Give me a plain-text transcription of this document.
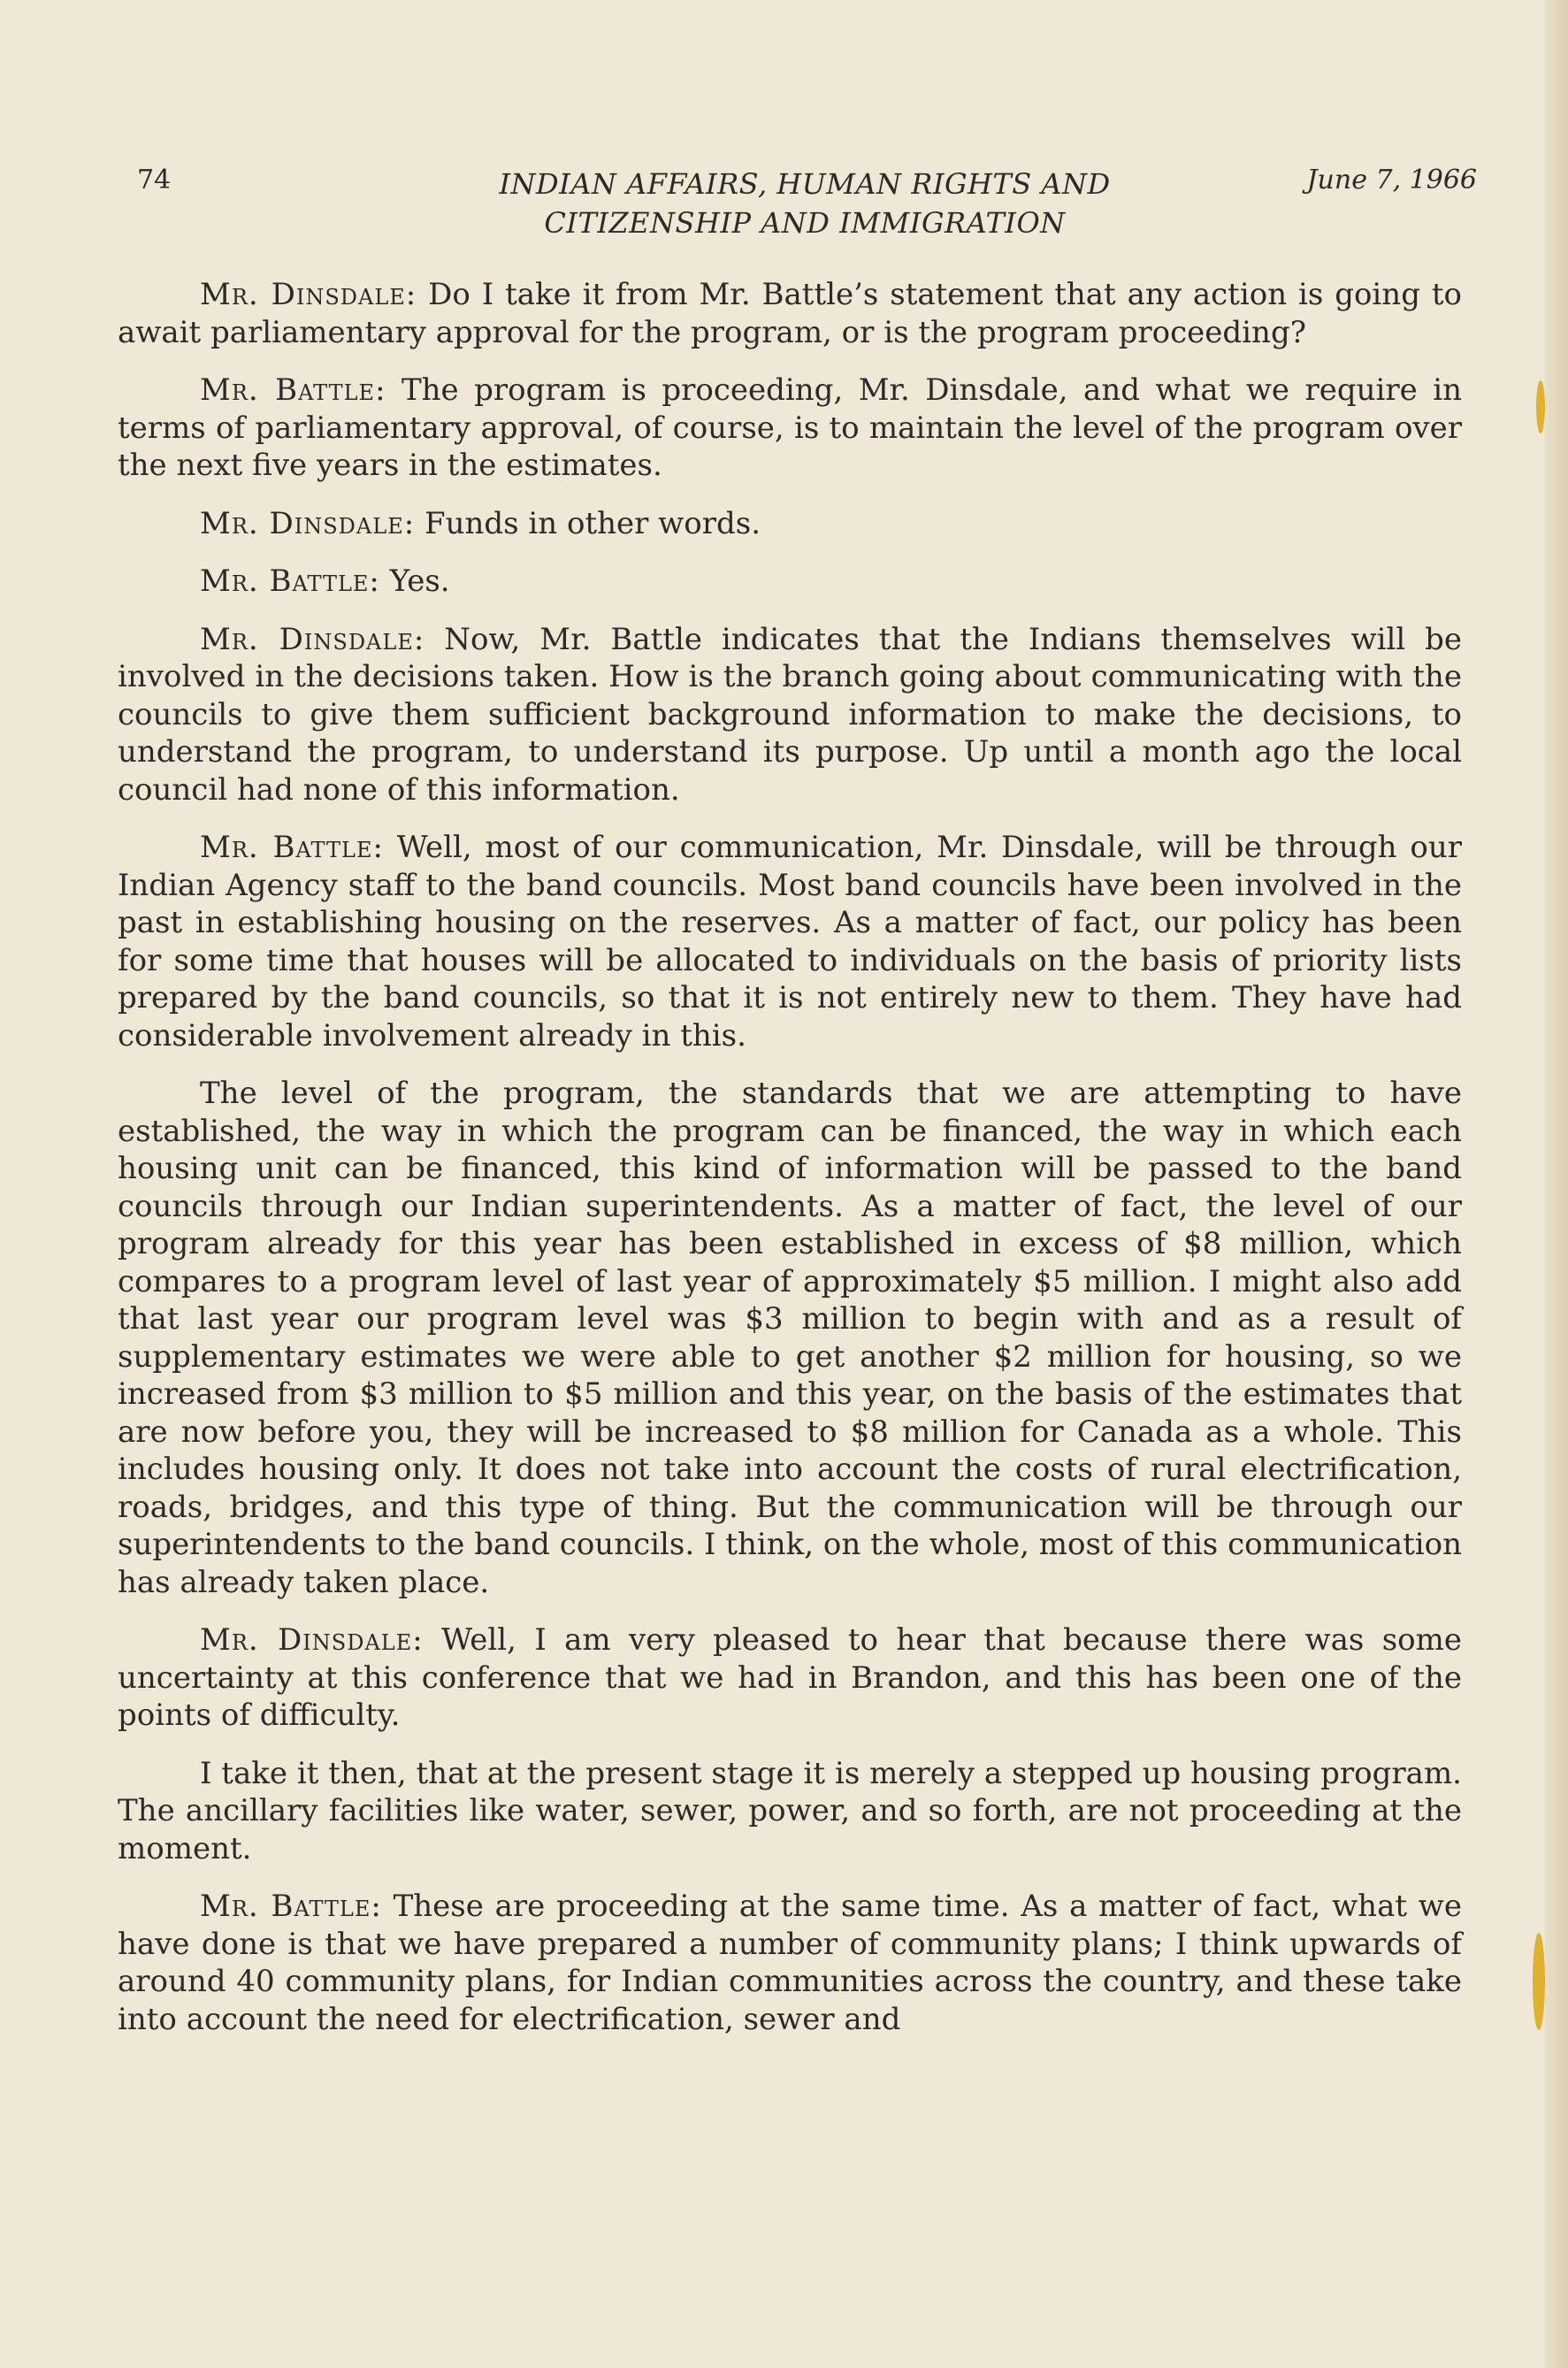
74	INDIAN AFFAIRS, HUMAN RIGHTS AND
CITIZENSHIP AND IMMIGRATION
June 7, 1966

Mr. Dinsdale: Do I take it from Mr. Battle’s statement that any action is going to await parliamentary approval for the program, or is the program proceeding?

Mr. Battle: The program is proceeding, Mr. Dinsdale, and what we require in terms of parliamentary approval, of course, is to maintain the level of the program over the next five years in the estimates.

Mr. Dinsdale: Funds in other words.

Mr. Battle: Yes.

Mr. Dinsdale: Now, Mr. Battle indicates that the Indians themselves will be involved in the decisions taken. How is the branch going about communicating with the councils to give them sufficient background information to make the decisions, to understand the program, to understand its purpose. Up until a month ago the local council had none of this information.

Mr. Battle: Well, most of our communication, Mr. Dinsdale, will be through our Indian Agency staff to the band councils. Most band councils have been involved in the past in establishing housing on the reserves. As a matter of fact, our policy has been for some time that houses will be allocated to individuals on the basis of priority lists prepared by the band councils, so that it is not entirely new to them. They have had considerable involvement already in this.

The level of the program, the standards that we are attempting to have established, the way in which the program can be financed, the way in which each housing unit can be financed, this kind of information will be passed to the band councils through our Indian superintendents. As a matter of fact, the level of our program already for this year has been established in excess of $8 million, which compares to a program level of last year of approximately $5 million. I might also add that last year our program level was $3 million to begin with and as a result of supplementary estimates we were able to get another $2 million for housing, so we increased from $3 million to $5 million and this year, on the basis of the estimates that are now before you, they will be increased to $8 million for Canada as a whole. This includes housing only. It does not take into account the costs of rural electrification, roads, bridges, and this type of thing. But the communication will be through our superintendents to the band councils. I think, on the whole, most of this communication has already taken place.

Mr. Dinsdale: Well, I am very pleased to hear that because there was some uncertainty at this conference that we had in Brandon, and this has been one of the points of difficulty.

I take it then, that at the present stage it is merely a stepped up housing program. The ancillary facilities like water, sewer, power, and so forth, are not proceeding at the moment.

Mr. Battle: These are proceeding at the same time. As a matter of fact, what we have done is that we have prepared a number of community plans; I think upwards of around 40 community plans, for Indian communities across the country, and these take into account the need for electrification, sewer and
